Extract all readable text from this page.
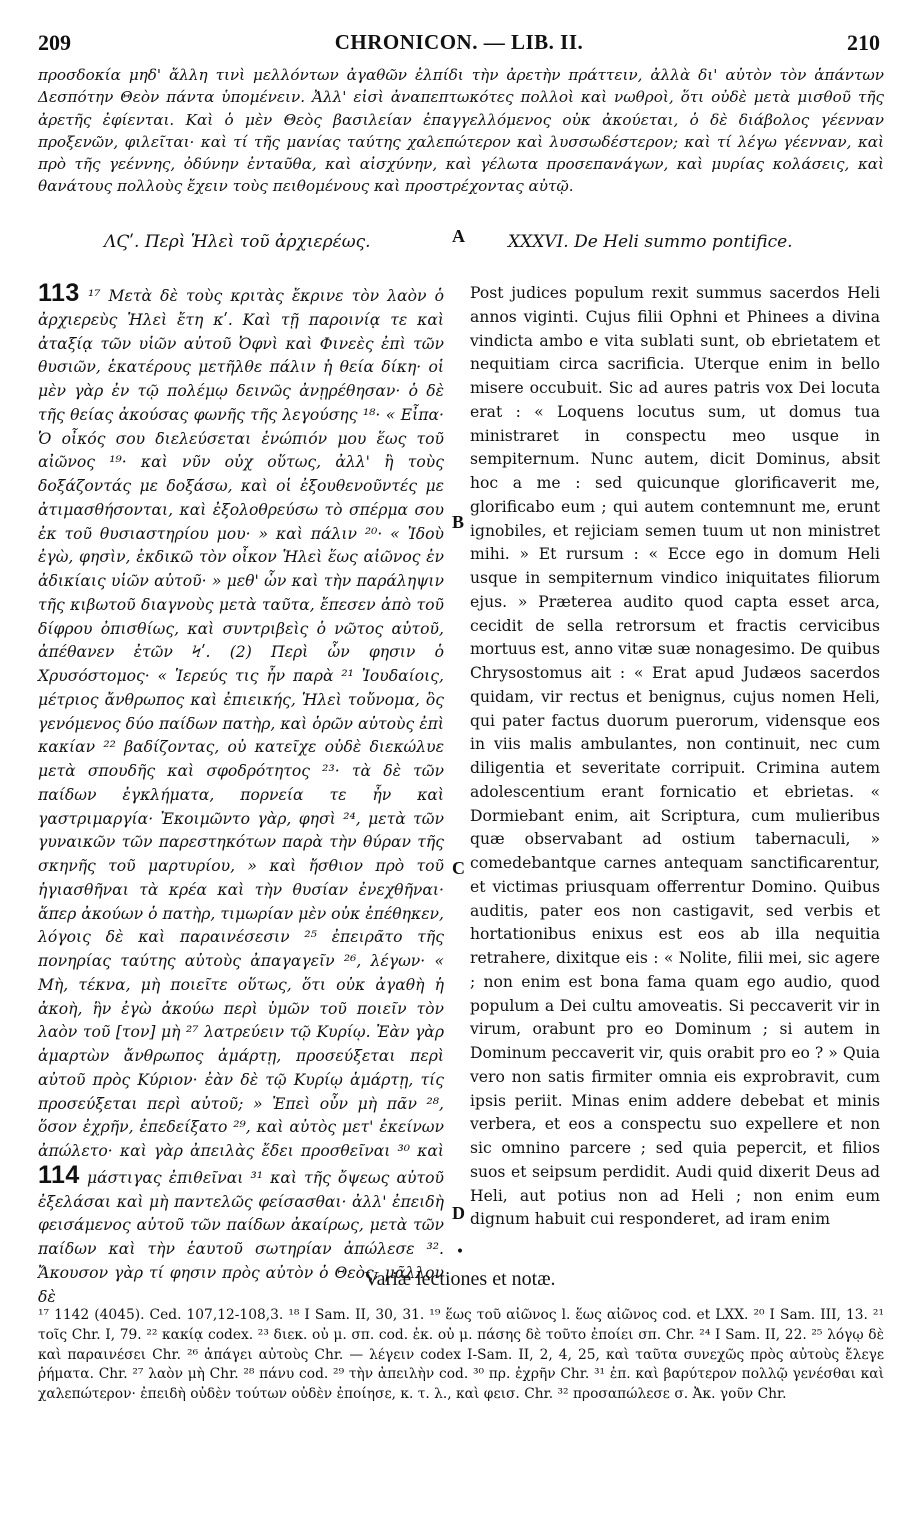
209	CHRONICON. — LIB. II.	210

προσδοκία μηδ' ἄλλη τινὶ μελλόντων ἀγαθῶν ἐλπίδι τὴν ἀρετὴν πράττειν, ἀλλὰ δι' αὐτὸν τὸν ἁπάντων Δεσπότην Θεὸν πάντα ὑπομένειν. Ἀλλ' εἰσὶ ἀναπεπτωκότες πολλοὶ καὶ νωθροὶ, ὅτι οὐδὲ μετὰ μισθοῦ τῆς ἀρετῆς ἐφίενται. Καὶ ὁ μὲν Θεὸς βασιλείαν ἐπαγγελλόμενος οὐκ ἀκούεται, ὁ δὲ διάβολος γέενναν προξενῶν, φιλεῖται· καὶ τί τῆς μανίας ταύτης χαλεπώτερον καὶ λυσσωδέστερον; καὶ τί λέγω γέενναν, καὶ πρὸ τῆς γεέννης, ὀδύνην ἐνταῦθα, καὶ αἰσχύνην, καὶ γέλωτα προσεπανάγων, καὶ μυρίας κολάσεις, καὶ θανάτους πολλοὺς ἔχειν τοὺς πειθομένους καὶ προστρέχοντας αὐτῷ.

ΛϚʹ. Περὶ Ἡλεὶ τοῦ ἀρχιερέως.	XXXVI. De Heli summo pontifice.
A
B
C
D

113 ¹⁷ Μετὰ δὲ τοὺς κριτὰς ἔκρινε τὸν λαὸν ὁ ἀρχιερεὺς Ἡλεὶ ἔτη κʹ. Καὶ τῇ παροινίᾳ τε καὶ ἀταξίᾳ τῶν υἱῶν αὐτοῦ Ὀφνὶ καὶ Φινεὲς ἐπὶ τῶν θυσιῶν, ἑκατέρους μετῆλθε πάλιν ἡ θεία δίκη· οἱ μὲν γὰρ ἐν τῷ πολέμῳ δεινῶς ἀνῃρέθησαν· ὁ δὲ τῆς θείας ἀκούσας φωνῆς τῆς λεγούσης ¹⁸· « Εἶπα· Ὁ οἶκός σου διελεύσεται ἐνώπιόν μου ἕως τοῦ αἰῶνος ¹⁹· καὶ νῦν οὐχ οὕτως, ἀλλ' ἢ τοὺς δοξάζοντάς με δοξάσω, καὶ οἱ ἐξουθενοῦντές με ἀτιμασθήσονται, καὶ ἐξολοθρεύσω τὸ σπέρμα σου ἐκ τοῦ θυσιαστηρίου μου· » καὶ πάλιν ²⁰· « Ἰδοὺ ἐγὼ, φησὶν, ἐκδικῶ τὸν οἶκον Ἡλεὶ ἕως αἰῶνος ἐν ἀδικίαις υἱῶν αὐτοῦ· » μεθ' ὧν καὶ τὴν παράληψιν τῆς κιβωτοῦ διαγνοὺς μετὰ ταῦτα, ἔπεσεν ἀπὸ τοῦ δίφρου ὀπισθίως, καὶ συντριβεὶς ὁ νῶτος αὐτοῦ, ἀπέθανεν ἐτῶν Ϟʹ. (2) Περὶ ὧν φησιν ὁ Χρυσόστομος· « Ἱερεύς τις ἦν παρὰ ²¹ Ἰουδαίοις, μέτριος ἄνθρωπος καὶ ἐπιεικής, Ἡλεὶ τοὔνομα, ὃς γενόμενος δύο παίδων πατὴρ, καὶ ὁρῶν αὐτοὺς ἐπὶ κακίαν ²² βαδίζοντας, οὐ κατεῖχε οὐδὲ διεκώλυε μετὰ σπουδῆς καὶ σφοδρότητος ²³· τὰ δὲ τῶν παίδων ἐγκλήματα, πορνεία τε ἦν καὶ γαστριμαργία· Ἐκοιμῶντο γὰρ, φησὶ ²⁴, μετὰ τῶν γυναικῶν τῶν παρεστηκότων παρὰ τὴν θύραν τῆς σκηνῆς τοῦ μαρτυρίου, » καὶ ἤσθιον πρὸ τοῦ ἡγιασθῆναι τὰ κρέα καὶ τὴν θυσίαν ἐνεχθῆναι· ἅπερ ἀκούων ὁ πατὴρ, τιμωρίαν μὲν οὐκ ἐπέθηκεν, λόγοις δὲ καὶ παραινέσεσιν ²⁵ ἐπειρᾶτο τῆς πονηρίας ταύτης αὐτοὺς ἀπαγαγεῖν ²⁶, λέγων· « Μὴ, τέκνα, μὴ ποιεῖτε οὕτως, ὅτι οὐκ ἀγαθὴ ἡ ἀκοὴ, ἣν ἐγὼ ἀκούω περὶ ὑμῶν τοῦ ποιεῖν τὸν λαὸν τοῦ [τον] μὴ ²⁷ λατρεύειν τῷ Κυρίῳ. Ἐὰν γὰρ ἁμαρτὼν ἄνθρωπος ἁμάρτῃ, προσεύξεται περὶ αὐτοῦ πρὸς Κύριον· ἐὰν δὲ τῷ Κυρίῳ ἁμάρτῃ, τίς προσεύξεται περὶ αὐτοῦ; » Ἐπεὶ οὖν μὴ πᾶν ²⁸, ὅσον ἐχρῆν, ἐπεδείξατο ²⁹, καὶ αὐτὸς μετ' ἐκείνων ἀπώλετο· καὶ γὰρ ἀπειλὰς ἔδει προσθεῖναι ³⁰ καὶ 114 μάστιγας ἐπιθεῖναι ³¹ καὶ τῆς ὄψεως αὐτοῦ ἐξελάσαι καὶ μὴ παντελῶς φείσασθαι· ἀλλ' ἐπειδὴ φεισάμενος αὐτοῦ τῶν παίδων ἀκαίρως, μετὰ τῶν παίδων καὶ τὴν ἑαυτοῦ σωτηρίαν ἀπώλεσε ³². Ἄκουσον γὰρ τί φησιν πρὸς αὐτὸν ὁ Θεὸς, μᾶλλον δὲ

Post judices populum rexit summus sacerdos Heli annos viginti. Cujus filii Ophni et Phinees a divina vindicta ambo e vita sublati sunt, ob ebrietatem et nequitiam circa sacrificia. Uterque enim in bello misere occubuit. Sic ad aures patris vox Dei locuta erat : « Loquens locutus sum, ut domus tua ministraret in conspectu meo usque in sempiternum. Nunc autem, dicit Dominus, absit hoc a me : sed quicunque glorificaverit me, glorificabo eum ; qui autem contemnunt me, erunt ignobiles, et rejiciam semen tuum ut non ministret mihi. » Et rursum : « Ecce ego in domum Heli usque in sempiternum vindico iniquitates filiorum ejus. » Præterea audito quod capta esset arca, cecidit de sella retrorsum et fractis cervicibus mortuus est, anno vitæ suæ nonagesimo. De quibus Chrysostomus ait : « Erat apud Judæos sacerdos quidam, vir rectus et benignus, cujus nomen Heli, qui pater factus duorum puerorum, vidensque eos in viis malis ambulantes, non continuit, nec cum diligentia et severitate corripuit. Crimina autem adolescentium erant fornicatio et ebrietas. « Dormiebant enim, ait Scriptura, cum mulieribus quæ observabant ad ostium tabernaculi, » comedebantque carnes antequam sanctificarentur, et victimas priusquam offerrentur Domino. Quibus auditis, pater eos non castigavit, sed verbis et hortationibus enixus est eos ab illa nequitia retrahere, dixitque eis : « Nolite, filii mei, sic agere ; non enim est bona fama quam ego audio, quod populum a Dei cultu amoveatis. Si peccaverit vir in virum, orabunt pro eo Dominum ; si autem in Dominum peccaverit vir, quis orabit pro eo ? » Quia vero non satis firmiter omnia eis exprobravit, cum ipsis periit. Minas enim addere debebat et minis verbera, et eos a conspectu suo expellere et non sic omnino parcere ; sed quia pepercit, et filios suos et seipsum perdidit. Audi quid dixerit Deus ad Heli, aut potius non ad Heli ; non enim eum dignum habuit cui responderet, ad iram enim

•
Variæ lectiones et notæ.

¹⁷ 1142 (4045). Ced. 107,12-108,3. ¹⁸ I Sam. II, 30, 31. ¹⁹ ἕως τοῦ αἰῶνος l. ἕως αἰῶνος cod. et LXX. ²⁰ I Sam. III, 13. ²¹ τοῖς Chr. I, 79. ²² κακίᾳ codex. ²³ διεκ. οὐ μ. σπ. cod. ἐκ. οὐ μ. πάσης δὲ τοῦτο ἐποίει σπ. Chr. ²⁴ I Sam. II, 22. ²⁵ λόγῳ δὲ καὶ παραινέσει Chr. ²⁶ ἀπάγει αὐτοὺς Chr. — λέγειν codex I-Sam. II, 2, 4, 25, καὶ ταῦτα συνεχῶς πρὸς αὐτοὺς ἔλεγε ῥήματα. Chr. ²⁷ λαὸν μὴ Chr. ²⁸ πάνυ cod. ²⁹ τὴν ἀπειλὴν cod. ³⁰ πρ. ἐχρῆν Chr. ³¹ ἐπ. καὶ βαρύτερον πολλῷ γενέσθαι καὶ χαλεπώτερον· ἐπειδὴ οὐδὲν τούτων οὐδὲν ἐποίησε, κ. τ. λ., καὶ φεισ. Chr. ³² προσαπώλεσε σ. Ἀκ. γοῦν Chr.
